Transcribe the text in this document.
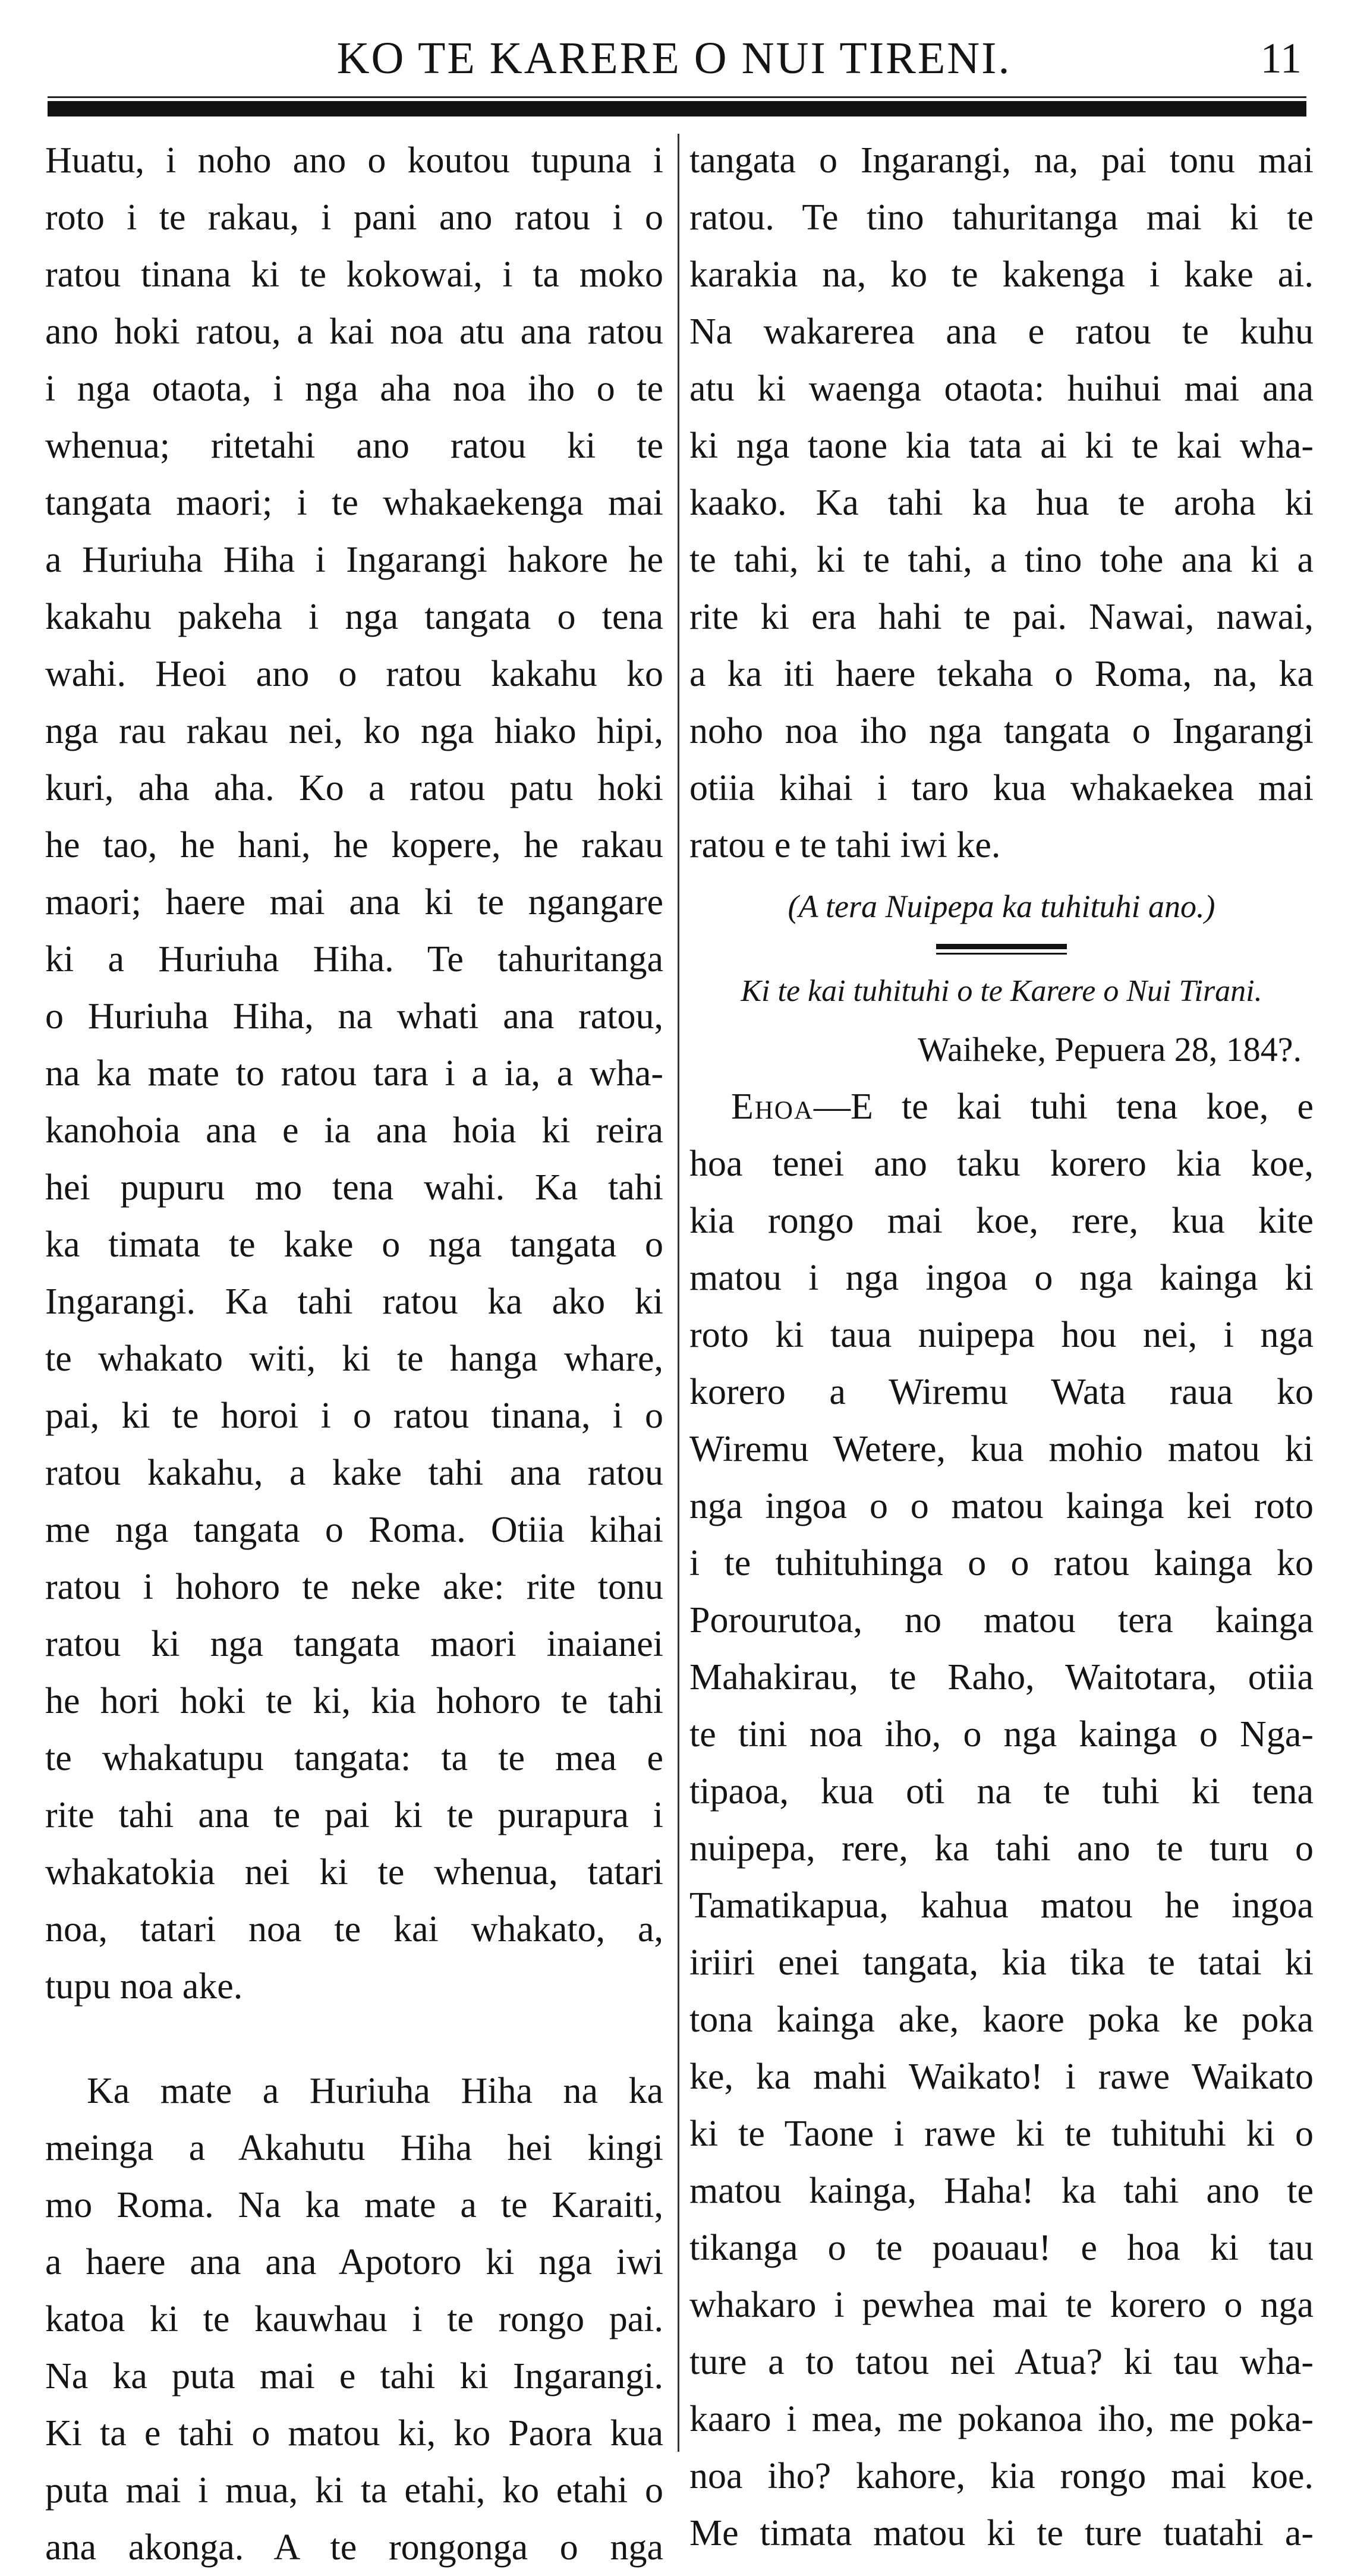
KO TE KARERE O NUI TIRENI.	11
Huatu, i noho ano o koutou tupuna i
roto i te rakau, i pani ano ratou i o
ratou tinana ki te kokowai, i ta moko
ano hoki ratou, a kai noa atu ana ratou
i nga otaota, i nga aha noa iho o te
whenua; ritetahi ano ratou ki te
tangata maori; i te whakaekenga mai
a Huriuha Hiha i Ingarangi hakore he
kakahu pakeha i nga tangata o tena
wahi. Heoi ano o ratou kakahu ko
nga rau rakau nei, ko nga hiako hipi,
kuri, aha aha. Ko a ratou patu hoki
he tao, he hani, he kopere, he rakau
maori; haere mai ana ki te ngangare
ki a Huriuha Hiha. Te tahuritanga
o Huriuha Hiha, na whati ana ratou,
na ka mate to ratou tara i a ia, a wha-
kanohoia ana e ia ana hoia ki reira
hei pupuru mo tena wahi. Ka tahi
ka timata te kake o nga tangata o
Ingarangi. Ka tahi ratou ka ako ki
te whakato witi, ki te hanga whare,
pai, ki te horoi i o ratou tinana, i o
ratou kakahu, a kake tahi ana ratou
me nga tangata o Roma. Otiia kihai
ratou i hohoro te neke ake: rite tonu
ratou ki nga tangata maori inaianei
he hori hoki te ki, kia hohoro te tahi
te whakatupu tangata: ta te mea e
rite tahi ana te pai ki te purapura i
whakatokia nei ki te whenua, tatari
noa, tatari noa te kai whakato, a,
tupu noa ake.
Ka mate a Huriuha Hiha na ka
meinga a Akahutu Hiha hei kingi
mo Roma. Na ka mate a te Karaiti,
a haere ana ana Apotoro ki nga iwi
katoa ki te kauwhau i te rongo pai.
Na ka puta mai e tahi ki Ingarangi.
Ki ta e tahi o matou ki, ko Paora kua
puta mai i mua, ki ta etahi, ko etahi o
ana akonga. A te rongonga o nga
tangata o Ingarangi, na, pai tonu mai
ratou. Te tino tahuritanga mai ki te
karakia na, ko te kakenga i kake ai.
Na wakarerea ana e ratou te kuhu
atu ki waenga otaota: huihui mai ana
ki nga taone kia tata ai ki te kai wha-
kaako. Ka tahi ka hua te aroha ki
te tahi, ki te tahi, a tino tohe ana ki a
rite ki era hahi te pai. Nawai, nawai,
a ka iti haere tekaha o Roma, na, ka
noho noa iho nga tangata o Ingarangi
otiia kihai i taro kua whakaekea mai
ratou e te tahi iwi ke.
(A tera Nuipepa ka tuhituhi ano.)
Ki te kai tuhituhi o te Karere o Nui Tirani.
Waiheke, Pepuera 28, 184?.
Ehoa—E te kai tuhi tena koe, e
hoa tenei ano taku korero kia koe,
kia rongo mai koe, rere, kua kite
matou i nga ingoa o nga kainga ki
roto ki taua nuipepa hou nei, i nga
korero a Wiremu Wata raua ko
Wiremu Wetere, kua mohio matou ki
nga ingoa o o matou kainga kei roto
i te tuhituhinga o o ratou kainga ko
Porourutoa, no matou tera kainga
Mahakirau, te Raho, Waitotara, otiia
te tini noa iho, o nga kainga o Nga-
tipaoa, kua oti na te tuhi ki tena
nuipepa, rere, ka tahi ano te turu o
Tamatikapua, kahua matou he ingoa
iriiri enei tangata, kia tika te tatai ki
tona kainga ake, kaore poka ke poka
ke, ka mahi Waikato! i rawe Waikato
ki te Taone i rawe ki te tuhituhi ki o
matou kainga, Haha! ka tahi ano te
tikanga o te poauau! e hoa ki tau
whakaro i pewhea mai te korero o nga
ture a to tatou nei Atua? ki tau wha-
kaaro i mea, me pokanoa iho, me poka-
noa iho? kahore, kia rongo mai koe.
Me timata matou ki te ture tuatahi a-
